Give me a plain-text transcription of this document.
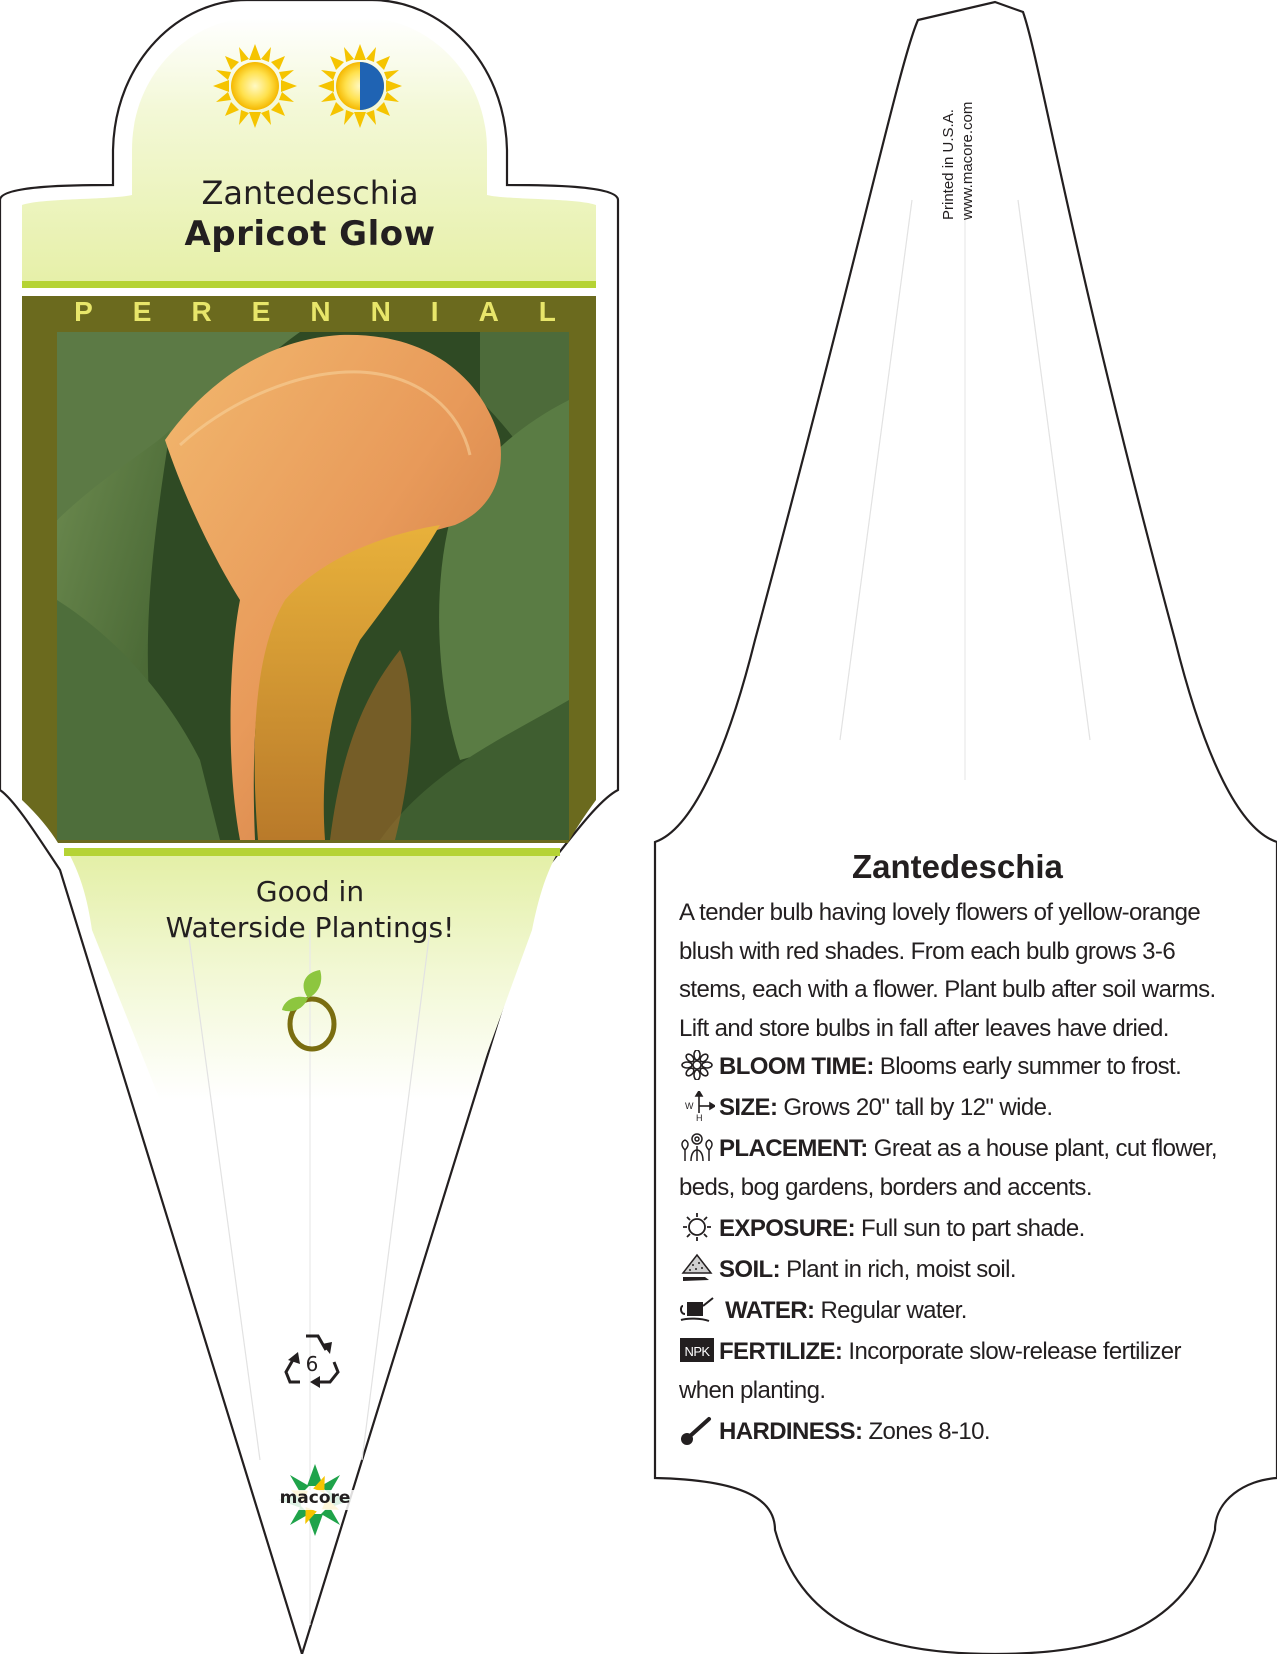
6
Zantedeschia
Apricot Glow
PERENNIAL
Good in
Waterside Plantings!
macore
Printed in U.S.A. www.macore.com
Zantedeschia
A tender bulb having lovely flowers of yellow-orange blush with red shades. From each bulb grows 3-6 stems, each with a flower. Plant bulb after soil warms. Lift and store bulbs in fall after leaves have dried.
BLOOM TIME: Blooms early summer to frost.
W
H SIZE: Grows 20" tall by 12" wide.
PLACEMENT: Great as a house plant, cut flower, beds, bog gardens, borders and accents.
EXPOSURE: Full sun to part shade.
SOIL: Plant in rich, moist soil.
WATER: Regular water.
NPK FERTILIZE: Incorporate slow-release fertilizer when planting.
HARDINESS: Zones 8-10.
